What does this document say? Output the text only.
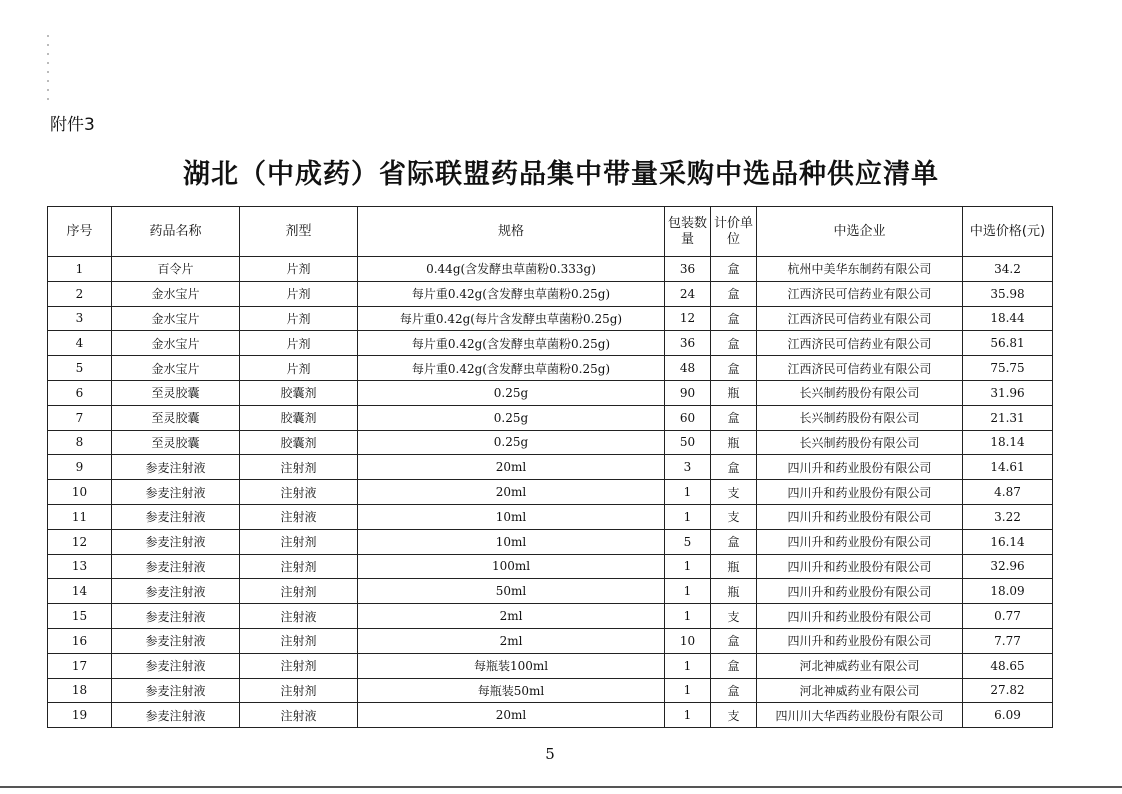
附件3
湖北（中成药）省际联盟药品集中带量采购中选品种供应清单
序号	药品名称	剂型	规格	包装数量	计价单位	中选企业	中选价格(元)
1	百令片	片剂	0.44g(含发酵虫草菌粉0.333g)	36	盒	杭州中美华东制药有限公司	34.2
2	金水宝片	片剂	每片重0.42g(含发酵虫草菌粉0.25g)	24	盒	江西济民可信药业有限公司	35.98
3	金水宝片	片剂	每片重0.42g(每片含发酵虫草菌粉0.25g)	12	盒	江西济民可信药业有限公司	18.44
4	金水宝片	片剂	每片重0.42g(含发酵虫草菌粉0.25g)	36	盒	江西济民可信药业有限公司	56.81
5	金水宝片	片剂	每片重0.42g(含发酵虫草菌粉0.25g)	48	盒	江西济民可信药业有限公司	75.75
6	至灵胶囊	胶囊剂	0.25g	90	瓶	长兴制药股份有限公司	31.96
7	至灵胶囊	胶囊剂	0.25g	60	盒	长兴制药股份有限公司	21.31
8	至灵胶囊	胶囊剂	0.25g	50	瓶	长兴制药股份有限公司	18.14
9	参麦注射液	注射剂	20ml	3	盒	四川升和药业股份有限公司	14.61
10	参麦注射液	注射液	20ml	1	支	四川升和药业股份有限公司	4.87
11	参麦注射液	注射液	10ml	1	支	四川升和药业股份有限公司	3.22
12	参麦注射液	注射剂	10ml	5	盒	四川升和药业股份有限公司	16.14
13	参麦注射液	注射剂	100ml	1	瓶	四川升和药业股份有限公司	32.96
14	参麦注射液	注射剂	50ml	1	瓶	四川升和药业股份有限公司	18.09
15	参麦注射液	注射液	2ml	1	支	四川升和药业股份有限公司	0.77
16	参麦注射液	注射剂	2ml	10	盒	四川升和药业股份有限公司	7.77
17	参麦注射液	注射剂	每瓶装100ml	1	盒	河北神威药业有限公司	48.65
18	参麦注射液	注射剂	每瓶装50ml	1	盒	河北神威药业有限公司	27.82
19	参麦注射液	注射液	20ml	1	支	四川川大华西药业股份有限公司	6.09
5
